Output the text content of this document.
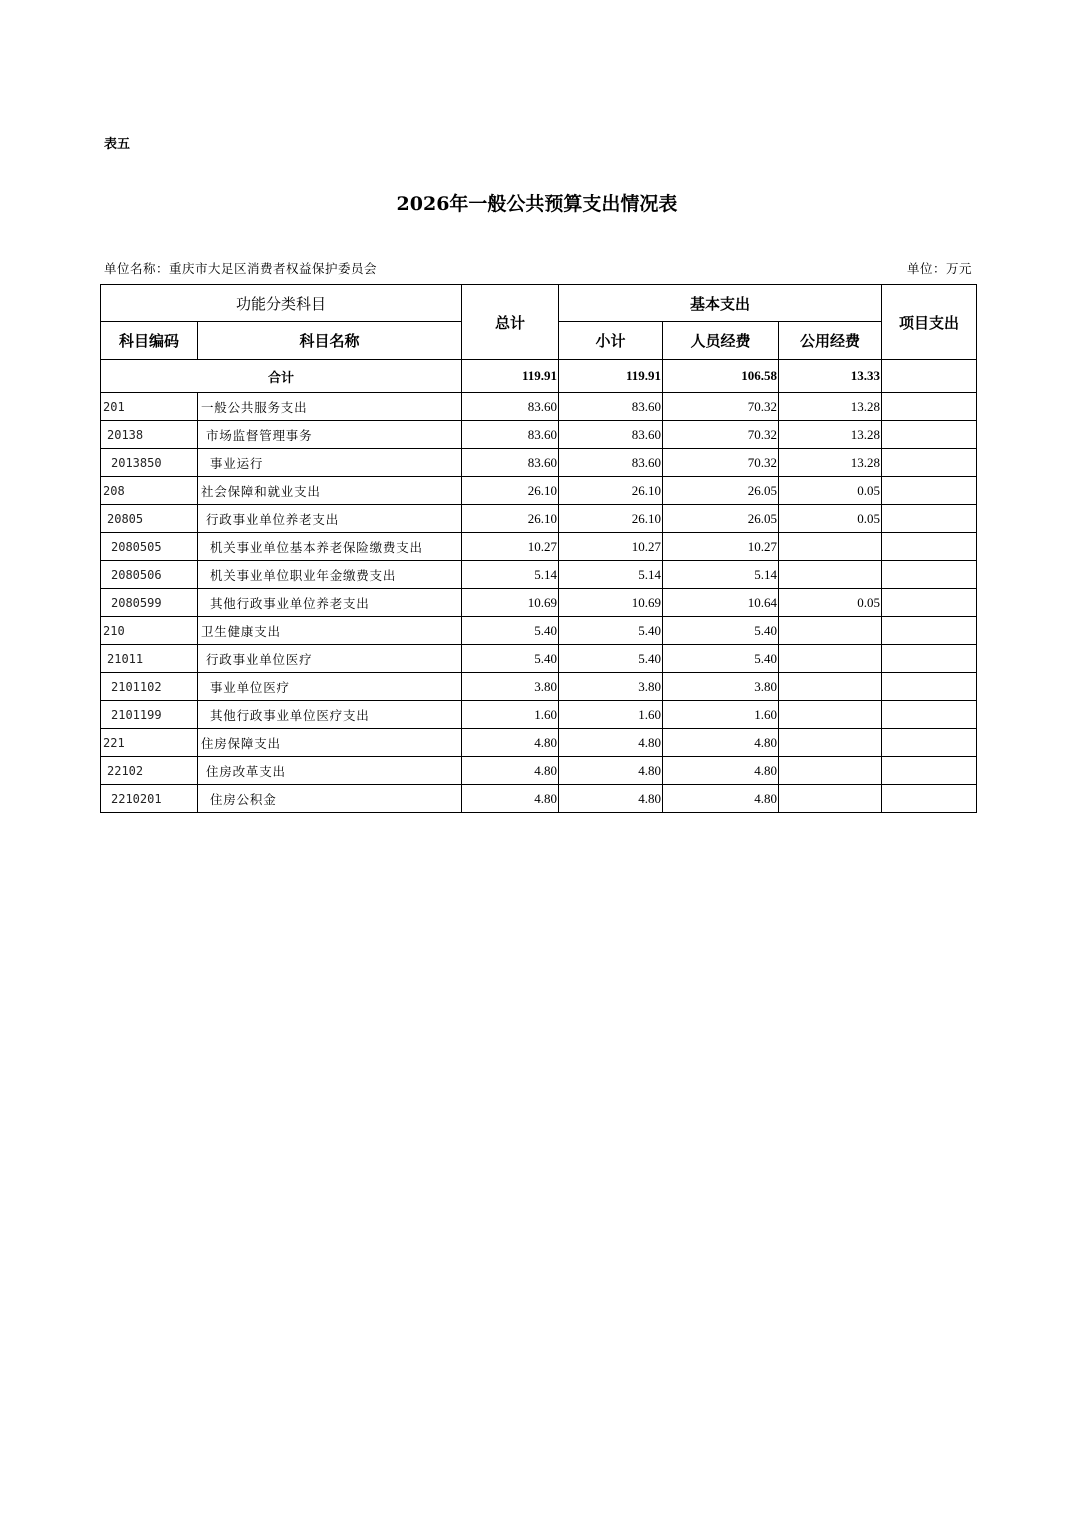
表五
2026年一般公共预算支出情况表
单位名称：重庆市大足区消费者权益保护委员会	单位：万元
功能分类科目		总计	基本支出			项目支出
科目编码	科目名称		小计	人员经费	公用经费	
合计		119.91	119.91	106.58	13.33	
201	一般公共服务支出	83.60	83.60	70.32	13.28	
20138	市场监督管理事务	83.60	83.60	70.32	13.28	
2013850	事业运行	83.60	83.60	70.32	13.28	
208	社会保障和就业支出	26.10	26.10	26.05	0.05	
20805	行政事业单位养老支出	26.10	26.10	26.05	0.05	
2080505	机关事业单位基本养老保险缴费支出	10.27	10.27	10.27		
2080506	机关事业单位职业年金缴费支出	5.14	5.14	5.14		
2080599	其他行政事业单位养老支出	10.69	10.69	10.64	0.05	
210	卫生健康支出	5.40	5.40	5.40		
21011	行政事业单位医疗	5.40	5.40	5.40		
2101102	事业单位医疗	3.80	3.80	3.80		
2101199	其他行政事业单位医疗支出	1.60	1.60	1.60		
221	住房保障支出	4.80	4.80	4.80		
22102	住房改革支出	4.80	4.80	4.80		
2210201	住房公积金	4.80	4.80	4.80		
